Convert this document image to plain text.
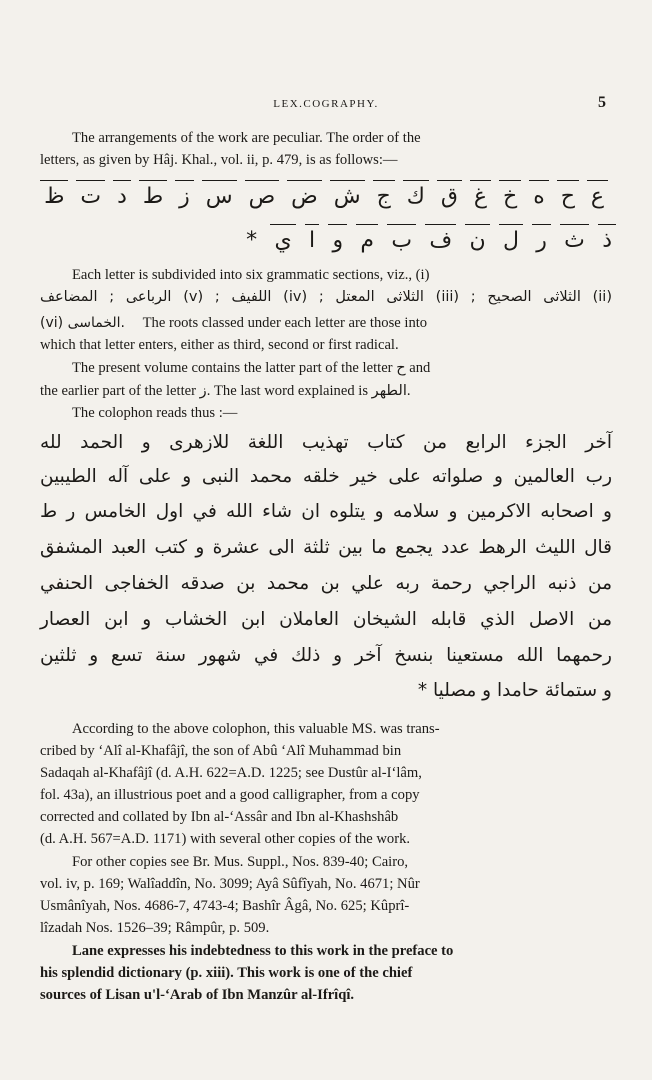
LEX.COGRAPHY.	5
The arrangements of the work are peculiar. The order of the
letters, as given by Hâj. Khal., vol. ii, p. 479, is as follows:—
ع
ح
ه
خ
غ
ق
ك
ج
ش
ض
ص
س
ز
ط
د
ت
ظ
ذ
ث
ر
ل
ن
ف
ب
م
و
ا
ي
*
Each letter is subdivided into six grammatic sections, viz., (i)
(ii) الثلاثى الصحيح ; (iii) الثلاثى المعتل ; (iv) اللفيف ; (v) الرباعى ; المضاعف
(vi) الخماسى. The roots classed under each letter are those into
which that letter enters, either as third, second or first radical.
The present volume contains the latter part of the letter ح and
the earlier part of the letter ز. The last word explained is الطهر.
The colophon reads thus :—
آخر الجزء الرابع من كتاب تهذيب اللغة للازهرى و الحمد لله
رب العالمين و صلواته على خير خلقه محمد النبى و على آله الطيبين
و اصحابه الاكرمين و سلامه و يتلوه ان شاء الله في اول الخامس ر ط
قال الليث الرهط عدد يجمع ما بين ثلثة الى عشرة و كتب العبد المشفق
من ذنبه الراجي رحمة ربه علي بن محمد بن صدقه الخفاجى الحنفي
من الاصل الذي قابله الشيخان العاملان ابن الخشاب و ابن العصار
رحمهما الله مستعينا بنسخ آخر و ذلك في شهور سنة تسع و ثلثين
و ستمائة حامدا و مصليا *
According to the above colophon, this valuable MS. was trans-
cribed by ‘Alî al-Khafâjî, the son of Abû ‘Alî Muhammad bin
Sadaqah al-Khafâjî (d. A.H. 622=A.D. 1225; see Dustûr al-I‘lâm,
fol. 43a), an illustrious poet and a good calligrapher, from a copy
corrected and collated by Ibn al-‘Assâr and Ibn al-Khashshâb
(d. A.H. 567=A.D. 1171) with several other copies of the work.
For other copies see Br. Mus. Suppl., Nos. 839-40; Cairo,
vol. iv, p. 169; Walîaddîn, No. 3099; Ayâ Sûfîyah, No. 4671; Nûr
Usmânîyah, Nos. 4686-7, 4743-4; Bashîr Âgâ, No. 625; Kûprî-
lîzadah Nos. 1526–39; Râmpûr, p. 509.
Lane expresses his indebtedness to this work in the preface to
his splendid dictionary (p. xiii). This work is one of the chief
sources of Lisan u'l-‘Arab of Ibn Manzûr al-Ifrîqî.
